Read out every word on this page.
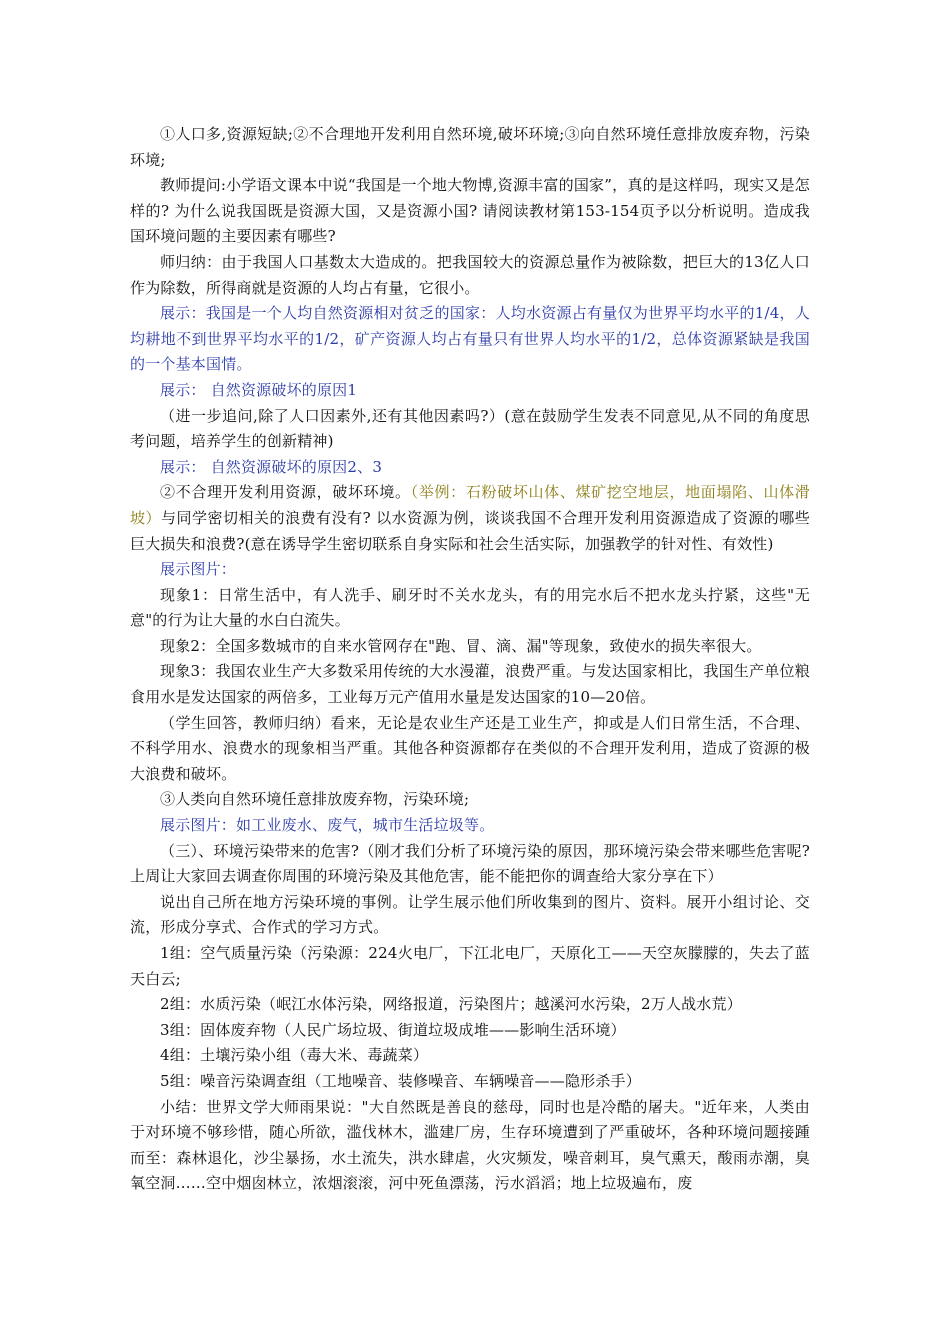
①人口多,资源短缺;②不合理地开发利用自然环境,破坏环境;③向自然环境任意排放废弃物，污染环境;

教师提问:小学语文课本中说“我国是一个地大物博,资源丰富的国家”，真的是这样吗，现实又是怎样的? 为什么说我国既是资源大国，又是资源小国? 请阅读教材第153-154页予以分析说明。造成我国环境问题的主要因素有哪些?

师归纳：由于我国人口基数太大造成的。把我国较大的资源总量作为被除数，把巨大的13亿人口作为除数，所得商就是资源的人均占有量，它很小。

展示：我国是一个人均自然资源相对贫乏的国家：人均水资源占有量仅为世界平均水平的1/4，人均耕地不到世界平均水平的1/2，矿产资源人均占有量只有世界人均水平的1/2，总体资源紧缺是我国的一个基本国情。

展示： 自然资源破坏的原因1

（进一步追问,除了人口因素外,还有其他因素吗?）(意在鼓励学生发表不同意见,从不同的角度思考问题，培养学生的创新精神)

展示： 自然资源破坏的原因2、3

②不合理开发利用资源，破坏环境。（举例：石粉破坏山体、煤矿挖空地层，地面塌陷、山体滑坡）与同学密切相关的浪费有没有? 以水资源为例，谈谈我国不合理开发利用资源造成了资源的哪些巨大损失和浪费?(意在诱导学生密切联系自身实际和社会生活实际，加强教学的针对性、有效性)

展示图片：

现象1：日常生活中，有人洗手、刷牙时不关水龙头，有的用完水后不把水龙头拧紧，这些"无意"的行为让大量的水白白流失。

现象2：全国多数城市的自来水管网存在"跑、冒、滴、漏"等现象，致使水的损失率很大。

现象3：我国农业生产大多数采用传统的大水漫灌，浪费严重。与发达国家相比，我国生产单位粮食用水是发达国家的两倍多，工业每万元产值用水量是发达国家的10—20倍。

（学生回答，教师归纳）看来，无论是农业生产还是工业生产，抑或是人们日常生活，不合理、不科学用水、浪费水的现象相当严重。其他各种资源都存在类似的不合理开发利用，造成了资源的极大浪费和破坏。

③人类向自然环境任意排放废弃物，污染环境;

展示图片：如工业废水、废气，城市生活垃圾等。

（三）、环境污染带来的危害?（刚才我们分析了环境污染的原因，那环境污染会带来哪些危害呢? 上周让大家回去调查你周围的环境污染及其他危害，能不能把你的调查给大家分享在下）

说出自己所在地方污染环境的事例。让学生展示他们所收集到的图片、资料。展开小组讨论、交流，形成分享式、合作式的学习方式。

1组：空气质量污染（污染源：224火电厂，下江北电厂，天原化工——天空灰朦朦的，失去了蓝天白云;

2组：水质污染（岷江水体污染，网络报道，污染图片；越溪河水污染，2万人战水荒）

3组：固体废弃物（人民广场垃圾、街道垃圾成堆——影响生活环境）

4组：土壤污染小组（毒大米、毒蔬菜）

5组：噪音污染调查组（工地噪音、装修噪音、车辆噪音——隐形杀手）

小结：世界文学大师雨果说："大自然既是善良的慈母，同时也是冷酷的屠夫。"近年来，人类由于对环境不够珍惜，随心所欲，滥伐林木，滥建厂房，生存环境遭到了严重破坏，各种环境问题接踵而至：森林退化，沙尘暴扬，水土流失，洪水肆虐，火灾频发，噪音刺耳，臭气熏天，酸雨赤潮，臭氧空洞……空中烟囱林立，浓烟滚滚，河中死鱼漂荡，污水滔滔；地上垃圾遍布，废
